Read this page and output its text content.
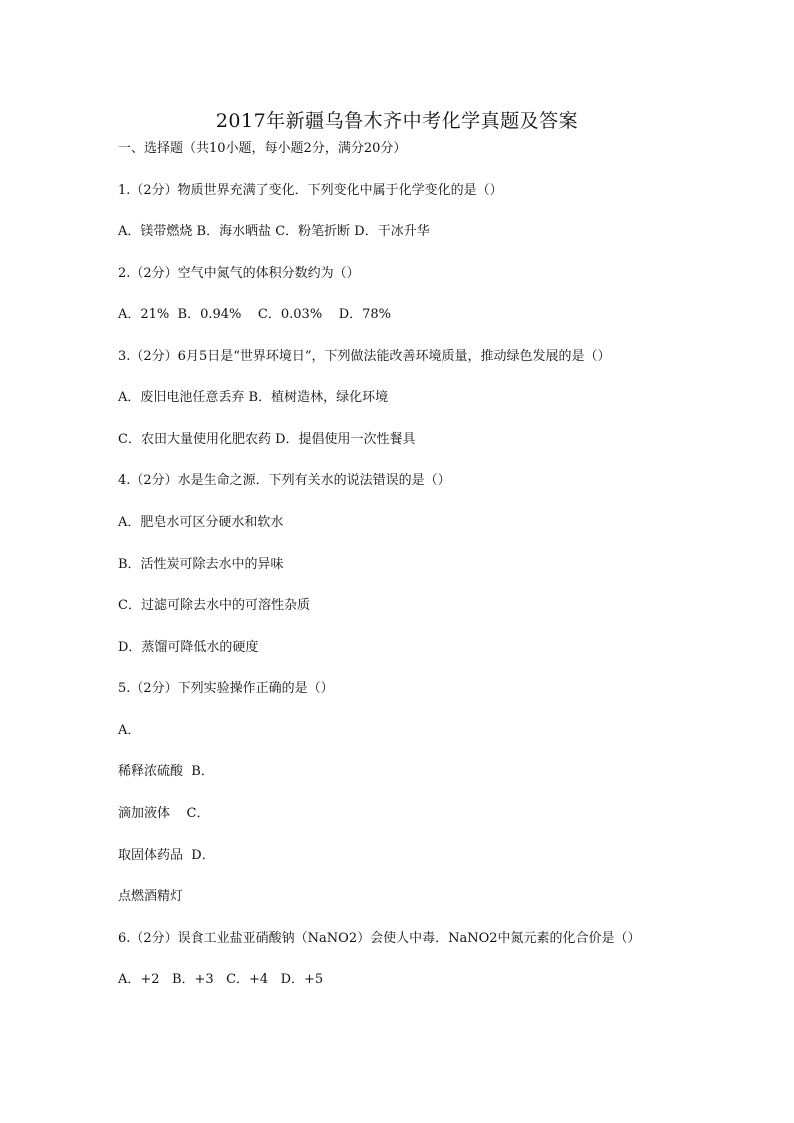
2017年新疆乌鲁木齐中考化学真题及答案
一、选择题（共10小题，每小题2分，满分20分）
1.（2分）物质世界充满了变化．下列变化中属于化学变化的是（）
A．镁带燃烧 B．海水晒盐 C．粉笔折断 D．干冰升华
2.（2分）空气中氮气的体积分数约为（）
A．21%  B．0.94%    C．0.03%    D．78%
3.（2分）6月5日是“世界环境日”，下列做法能改善环境质量，推动绿色发展的是（）
A．废旧电池任意丢弃 B．植树造林，绿化环境
C．农田大量使用化肥农药 D．提倡使用一次性餐具
4.（2分）水是生命之源．下列有关水的说法错误的是（）
A．肥皂水可区分硬水和软水
B．活性炭可除去水中的异味
C．过滤可除去水中的可溶性杂质
D．蒸馏可降低水的硬度
5.（2分）下列实验操作正确的是（）
A．
稀释浓硫酸  B．
滴加液体    C．
取固体药品  D．
点燃酒精灯
6.（2分）误食工业盐亚硝酸钠（NaNO2）会使人中毒．NaNO2中氮元素的化合价是（）
A．+2   B．+3   C．+4   D．+5
